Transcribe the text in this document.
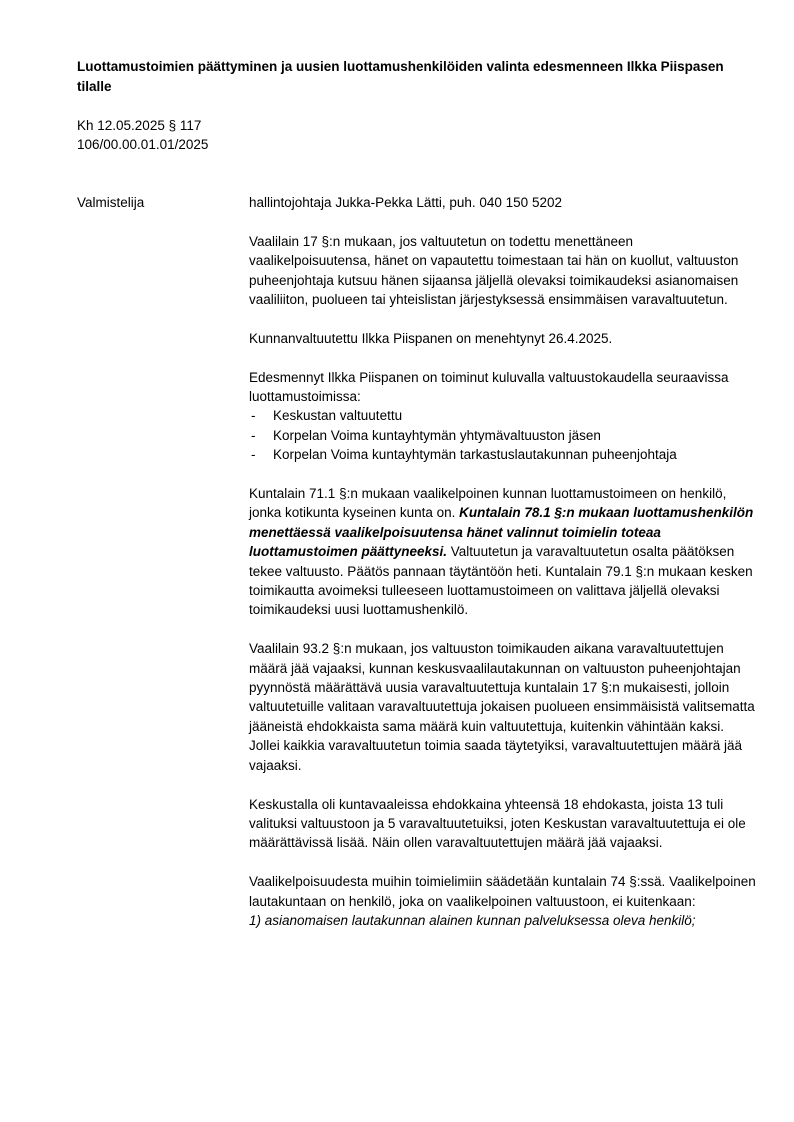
Luottamustoimien päättyminen ja uusien luottamushenkilöiden valinta edesmenneen Ilkka Piispasen tilalle
Kh 12.05.2025 § 117
106/00.00.01.01/2025
Valmistelija	hallintojohtaja Jukka-Pekka Lätti, puh. 040 150 5202

Vaalilain 17 §:n mukaan, jos valtuutetun on todettu menettäneen vaalikelpoisuutensa, hänet on vapautettu toimestaan tai hän on kuollut, valtuuston puheenjohtaja kutsuu hänen sijaansa jäljellä olevaksi toimikaudeksi asianomaisen vaaliliiton, puolueen tai yhteislistan järjestyksessä ensimmäisen varavaltuutetun.

Kunnanvaltuutettu Ilkka Piispanen on menehtynyt 26.4.2025.

Edesmennyt Ilkka Piispanen on toiminut kuluvalla valtuustokaudella seuraavissa luottamustoimissa:

- Keskustan valtuutettu
- Korpelan Voima kuntayhtymän yhtymävaltuuston jäsen
- Korpelan Voima kuntayhtymän tarkastuslautakunnan puheenjohtaja

Kuntalain 71.1 §:n mukaan vaalikelpoinen kunnan luottamustoimeen on henkilö, jonka kotikunta kyseinen kunta on. Kuntalain 78.1 §:n mukaan luottamushenkilön menettäessä vaalikelpoisuutensa hänet valinnut toimielin toteaa luottamustoimen päättyneeksi. Valtuutetun ja varavaltuutetun osalta päätöksen tekee valtuusto. Päätös pannaan täytäntöön heti. Kuntalain 79.1 §:n mukaan kesken toimikautta avoimeksi tulleeseen luottamustoimeen on valittava jäljellä olevaksi toimikaudeksi uusi luottamushenkilö.

Vaalilain 93.2 §:n mukaan, jos valtuuston toimikauden aikana varavaltuutettujen määrä jää vajaaksi, kunnan keskusvaalilautakunnan on valtuuston puheenjohtajan pyynnöstä määrättävä uusia varavaltuutettuja kuntalain 17 §:n mukaisesti, jolloin valtuutetuille valitaan varavaltuutettuja jokaisen puolueen ensimmäisistä valitsematta jääneistä ehdokkaista sama määrä kuin valtuutettuja, kuitenkin vähintään kaksi. Jollei kaikkia varavaltuutetun toimia saada täytetyiksi, varavaltuutettujen määrä jää vajaaksi.

Keskustalla oli kuntavaaleissa ehdokkaina yhteensä 18 ehdokasta, joista 13 tuli valituksi valtuustoon ja 5 varavaltuutetuiksi, joten Keskustan varavaltuutettuja ei ole määrättävissä lisää. Näin ollen varavaltuutettujen määrä jää vajaaksi.

Vaalikelpoisuudesta muihin toimielimiin säädetään kuntalain 74 §:ssä. Vaalikelpoinen lautakuntaan on henkilö, joka on vaalikelpoinen valtuustoon, ei kuitenkaan:

1) asianomaisen lautakunnan alainen kunnan palveluksessa oleva henkilö;
